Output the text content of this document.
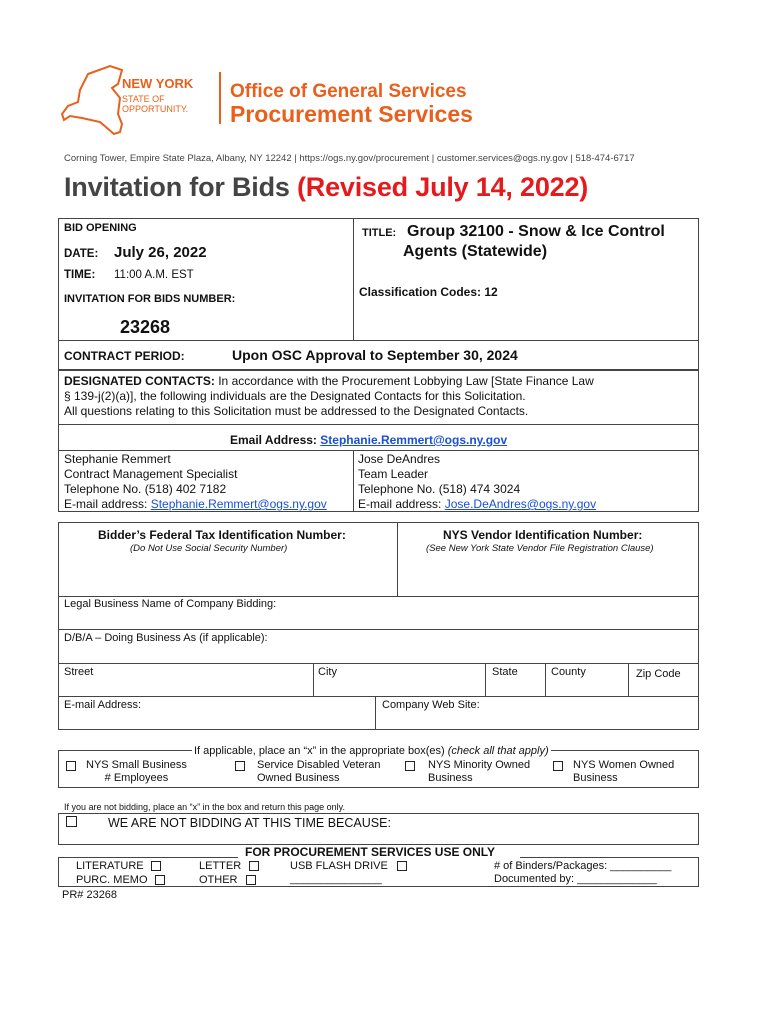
NEW YORK
STATE OF
OPPORTUNITY.
Office of General Services
Procurement Services
Corning Tower, Empire State Plaza, Albany, NY 12242 | https://ogs.ny.gov/procurement | customer.services@ogs.ny.gov | 518-474-6717
Invitation for Bids (Revised July 14, 2022)
BID OPENING
DATE: July 26, 2022
TIME: 11:00 A.M. EST
INVITATION FOR BIDS NUMBER:
23268
TITLE: Group 32100 - Snow & Ice Control
Agents (Statewide)
Classification Codes: 12
CONTRACT PERIOD:	Upon OSC Approval to September 30, 2024
DESIGNATED CONTACTS: In accordance with the Procurement Lobbying Law [State Finance Law
§ 139-j(2)(a)], the following individuals are the Designated Contacts for this Solicitation.
All questions relating to this Solicitation must be addressed to the Designated Contacts.
Email Address: Stephanie.Remmert@ogs.ny.gov
Stephanie Remmert
Contract Management Specialist
Telephone No. (518) 402 7182
E-mail address: Stephanie.Remmert@ogs.ny.gov
Jose DeAndres
Team Leader
Telephone No. (518) 474 3024
E-mail address: Jose.DeAndres@ogs.ny.gov
Bidder’s Federal Tax Identification Number:
(Do Not Use Social Security Number)
NYS Vendor Identification Number:
(See New York State Vendor File Registration Clause)
Legal Business Name of Company Bidding:
D/B/A – Doing Business As (if applicable):
Street	City	State	County	Zip Code
E-mail Address:	Company Web Site:
If applicable, place an “x” in the appropriate box(es) (check all that apply)
NYS Small Business
# Employees
Service Disabled Veteran
Owned Business
NYS Minority Owned
Business
NYS Women Owned
Business
If you are not bidding, place an “x” in the box and return this page only.
WE ARE NOT BIDDING AT THIS TIME BECAUSE:
FOR PROCUREMENT SERVICES USE ONLY
LITERATURE
PURC. MEMO
LETTER
OTHER
USB FLASH DRIVE
_______________
# of Binders/Packages: __________
Documented by: _____________
PR# 23268
